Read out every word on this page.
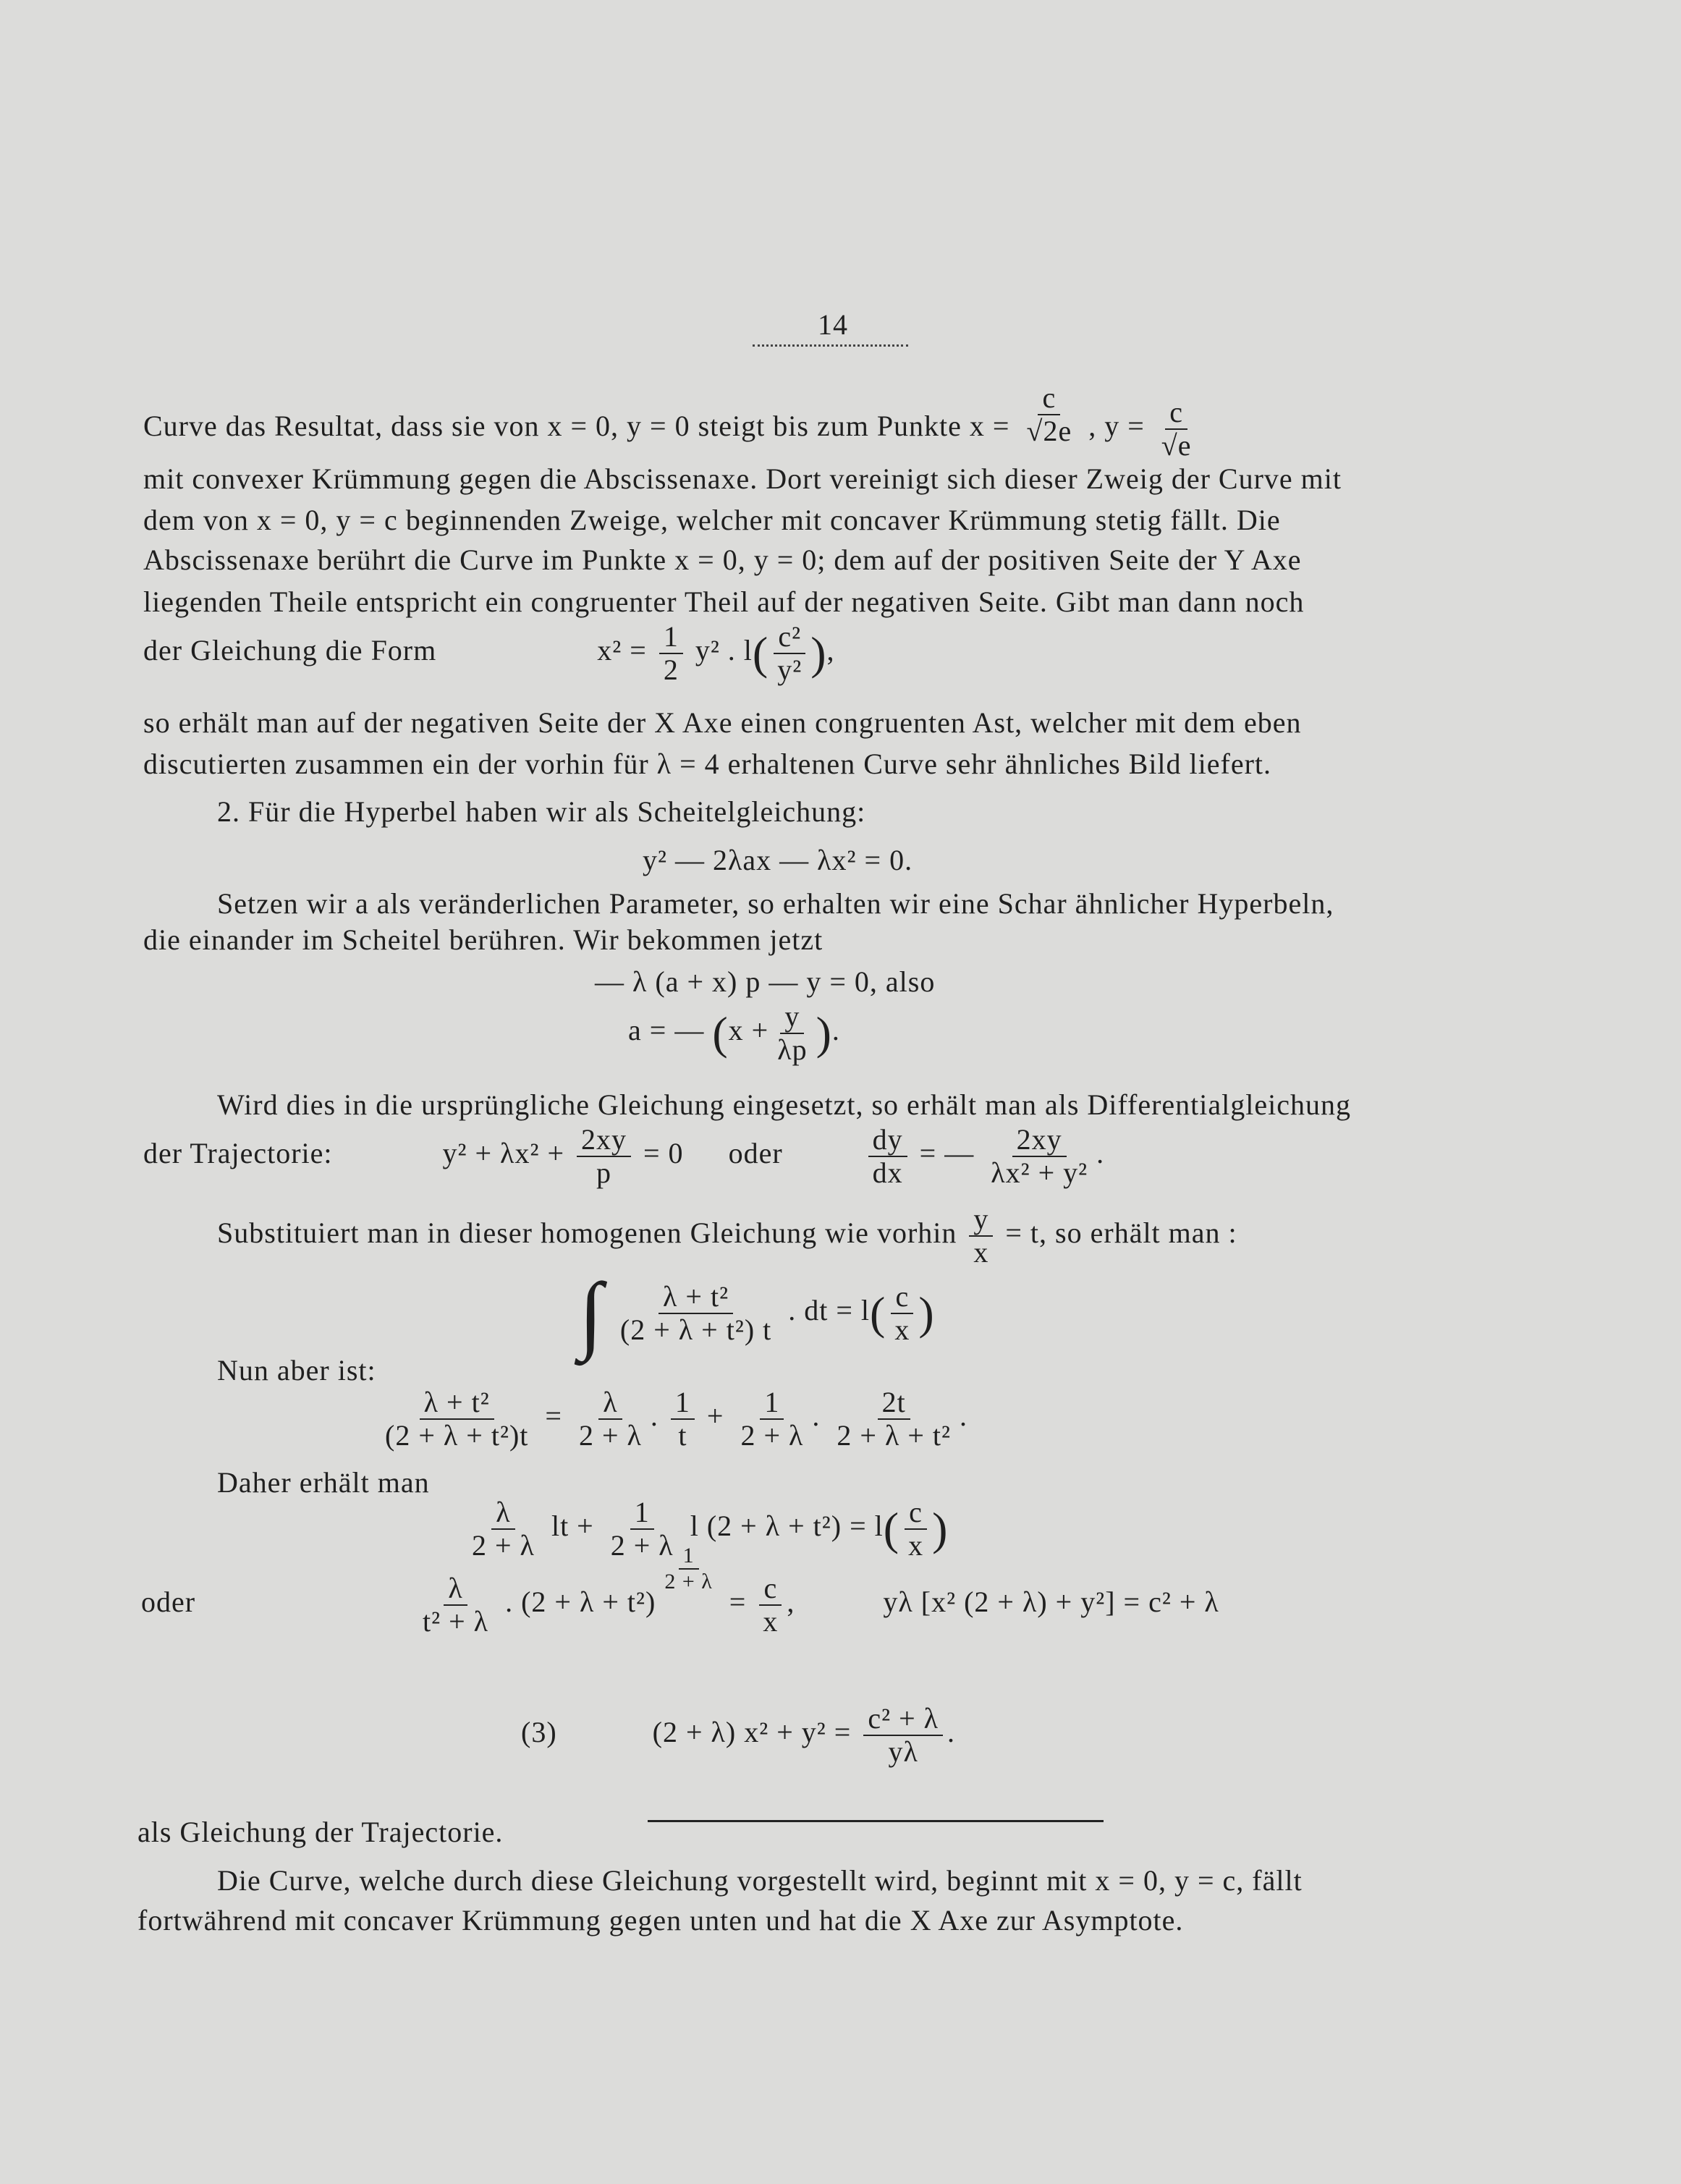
14
Curve das Resultat, dass sie von x = 0, y = 0 steigt bis zum Punkte $x = \frac{c}{√2e}$ , $y = \frac{c}{√e}$
mit convexer Krümmung gegen die Abscissenaxe. Dort vereinigt sich dieser Zweig der Curve mit
dem von x = 0, y = c beginnenden Zweige, welcher mit concaver Krümmung stetig fällt. Die
Abscissenaxe berührt die Curve im Punkte x = 0, y = 0; dem auf der positiven Seite der Y Axe
liegenden Theile entspricht ein congruenter Theil auf der negativen Seite. Gibt man dann noch
der Gleichung die Form	$x^2 = \frac{1}{2} y^2$ . $l( \frac{\text{c²}}{\text{y²}}$ ),
so erhält man auf der negativen Seite der X Axe einen congruenten Ast, welcher mit dem eben
discutierten zusammen ein der vorhin für λ = 4 erhaltenen Curve sehr ähnliches Bild liefert.
2. Für die Hyperbel haben wir als Scheitelgleichung:
y² — 2λax — λx² = 0.
Setzen wir a als veränderlichen Parameter, so erhalten wir eine Schar ähnlicher Hyperbeln,
die einander im Scheitel berühren. Wir bekommen jetzt
— λ (a + x) p — y = 0, also
a = — ($x + \frac{y}{\lambda p}$ ).
Wird dies in die ursprüngliche Gleichung eingesetzt, so erhält man als Differentialgleichung
der Trajectorie:	$y^2 + \lambda x^2 + \frac{2xy}{p} = 0$ oder	$\frac{dy}{dx}$ = — $\frac{2xy}{\text{λx² + y²}}$ .
Substituiert man in dieser homogenen Gleichung wie vorhin $\frac{y}{x} = t$, so erhält man :
∫ $\frac{\text{λ + t²}}{\text{(2 + λ + t²) t}}$ . dt = $l( \frac{c}{x}$ )
Nun aber ist:
$\frac{\text{λ + t²}}{\text{(2 + λ + t²)t}} = \frac{\lambda}{2 + \lambda}$ . $\frac{1}{t} + \frac{1}{2 + \lambda}$ . $\frac{2t}{\text{2 + λ + t²}}$ .
Daher erhält man
$\frac{\lambda}{2 + \lambda}$ lt + $\frac{1}{2 + \lambda}$ l $(2 + \lambda + t^2) = l( \frac{c}{x}$ )
oder	$\frac{\lambda}{\text{t² + λ}}$ . (2 + λ + t²)
$\frac{1}{2 + \lambda}$
= $\frac{c}{x}$ ,	yλ [x² (2 + λ) + y²] = c² + λ
(3)	(2 + λ) $x^2 + y^2 = \frac{\text{c² + λ}}{y\lambda}$ .
als Gleichung der Trajectorie.
Die Curve, welche durch diese Gleichung vorgestellt wird, beginnt mit x = 0, y = c, fällt
fortwährend mit concaver Krümmung gegen unten und hat die X Axe zur Asymptote.
